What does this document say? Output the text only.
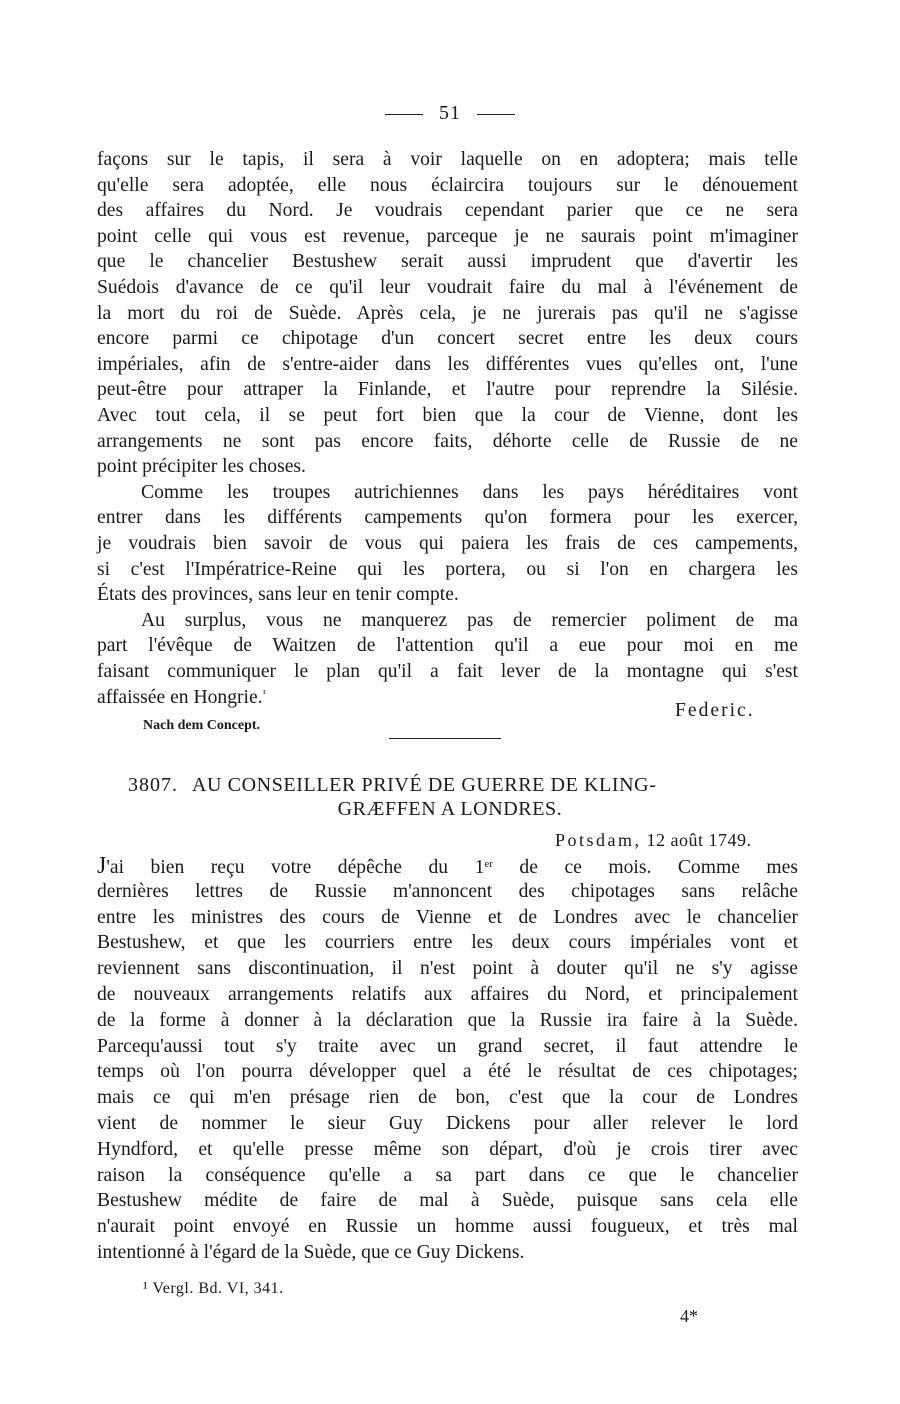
51
façons sur le tapis, il sera à voir laquelle on en adoptera; mais telle
qu'elle sera adoptée, elle nous éclaircira toujours sur le dénouement
des affaires du Nord. Je voudrais cependant parier que ce ne sera
point celle qui vous est revenue, parceque je ne saurais point m'imaginer
que le chancelier Bestushew serait aussi imprudent que d'avertir les
Suédois d'avance de ce qu'il leur voudrait faire du mal à l'événement de
la mort du roi de Suède. Après cela, je ne jurerais pas qu'il ne s'agisse
encore parmi ce chipotage d'un concert secret entre les deux cours
impériales, afin de s'entre-aider dans les différentes vues qu'elles ont, l'une
peut-être pour attraper la Finlande, et l'autre pour reprendre la Silésie.
Avec tout cela, il se peut fort bien que la cour de Vienne, dont les
arrangements ne sont pas encore faits, déhorte celle de Russie de ne
point précipiter les choses.
Comme les troupes autrichiennes dans les pays héréditaires vont
entrer dans les différents campements qu'on formera pour les exercer,
je voudrais bien savoir de vous qui paiera les frais de ces campements,
si c'est l'Impératrice-Reine qui les portera, ou si l'on en chargera les
États des provinces, sans leur en tenir compte.
Au surplus, vous ne manquerez pas de remercier poliment de ma
part l'évêque de Waitzen de l'attention qu'il a eue pour moi en me
faisant communiquer le plan qu'il a fait lever de la montagne qui s'est
affaissée en Hongrie.$^{^1}$
Federic.
Nach dem Concept.
3807. AU CONSEILLER PRIVÉ DE GUERRE DE KLING-
GRÆFFEN A LONDRES.
Potsdam, 12 août 1749.
J'ai bien reçu votre dépêche du 1er de ce mois. Comme mes
dernières lettres de Russie m'annoncent des chipotages sans relâche
entre les ministres des cours de Vienne et de Londres avec le chancelier
Bestushew, et que les courriers entre les deux cours impériales vont et
reviennent sans discontinuation, il n'est point à douter qu'il ne s'y agisse
de nouveaux arrangements relatifs aux affaires du Nord, et principalement
de la forme à donner à la déclaration que la Russie ira faire à la Suède.
Parcequ'aussi tout s'y traite avec un grand secret, il faut attendre le
temps où l'on pourra développer quel a été le résultat de ces chipotages;
mais ce qui m'en présage rien de bon, c'est que la cour de Londres
vient de nommer le sieur Guy Dickens pour aller relever le lord
Hyndford, et qu'elle presse même son départ, d'où je crois tirer avec
raison la conséquence qu'elle a sa part dans ce que le chancelier
Bestushew médite de faire de mal à Suède, puisque sans cela elle
n'aurait point envoyé en Russie un homme aussi fougueux, et très mal
intentionné à l'égard de la Suède, que ce Guy Dickens.
¹ Vergl. Bd. VI, 341.
4*
